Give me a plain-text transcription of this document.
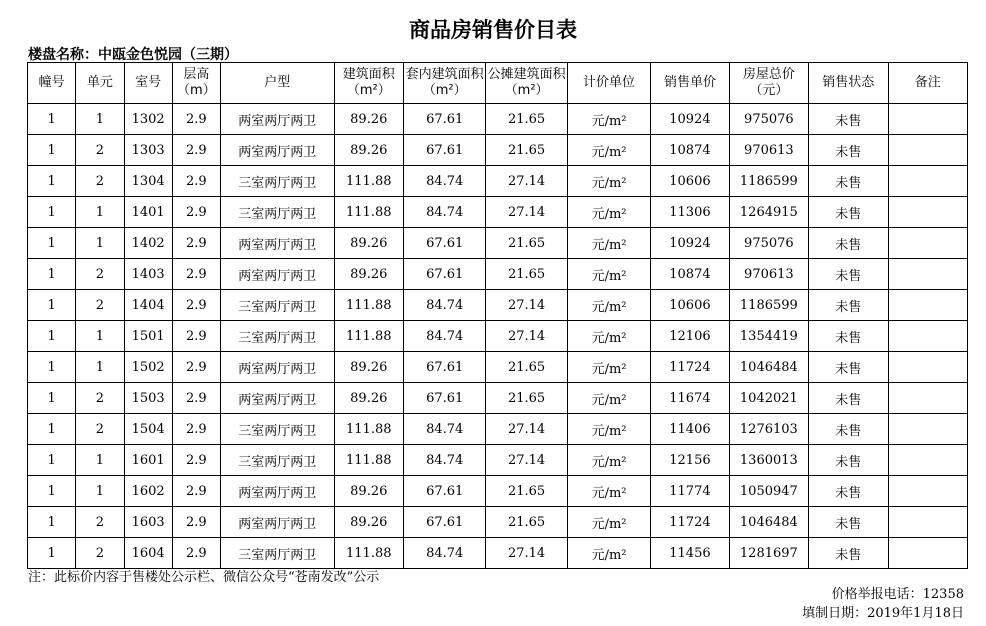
商品房销售价目表
楼盘名称：中瓯金色悦园（三期）
幢号	单元	室号	层高（m）	户型	建筑面积（m²）	套内建筑面积（m²）	公摊建筑面积（m²）	计价单位	销售单价	房屋总价（元）	销售状态	备注
1	1	1302	2.9	两室两厅两卫	89.26	67.61	21.65	元/m²	10924	975076	未售	
1	2	1303	2.9	两室两厅两卫	89.26	67.61	21.65	元/m²	10874	970613	未售	
1	2	1304	2.9	三室两厅两卫	111.88	84.74	27.14	元/m²	10606	1186599	未售	
1	1	1401	2.9	三室两厅两卫	111.88	84.74	27.14	元/m²	11306	1264915	未售	
1	1	1402	2.9	两室两厅两卫	89.26	67.61	21.65	元/m²	10924	975076	未售	
1	2	1403	2.9	两室两厅两卫	89.26	67.61	21.65	元/m²	10874	970613	未售	
1	2	1404	2.9	三室两厅两卫	111.88	84.74	27.14	元/m²	10606	1186599	未售	
1	1	1501	2.9	三室两厅两卫	111.88	84.74	27.14	元/m²	12106	1354419	未售	
1	1	1502	2.9	两室两厅两卫	89.26	67.61	21.65	元/m²	11724	1046484	未售	
1	2	1503	2.9	两室两厅两卫	89.26	67.61	21.65	元/m²	11674	1042021	未售	
1	2	1504	2.9	三室两厅两卫	111.88	84.74	27.14	元/m²	11406	1276103	未售	
1	1	1601	2.9	三室两厅两卫	111.88	84.74	27.14	元/m²	12156	1360013	未售	
1	1	1602	2.9	两室两厅两卫	89.26	67.61	21.65	元/m²	11774	1050947	未售	
1	2	1603	2.9	两室两厅两卫	89.26	67.61	21.65	元/m²	11724	1046484	未售	
1	2	1604	2.9	三室两厅两卫	111.88	84.74	27.14	元/m²	11456	1281697	未售	
注：此标价内容于售楼处公示栏、微信公众号“苍南发改”公示
价格举报电话：12358
填制日期：2019年1月18日
